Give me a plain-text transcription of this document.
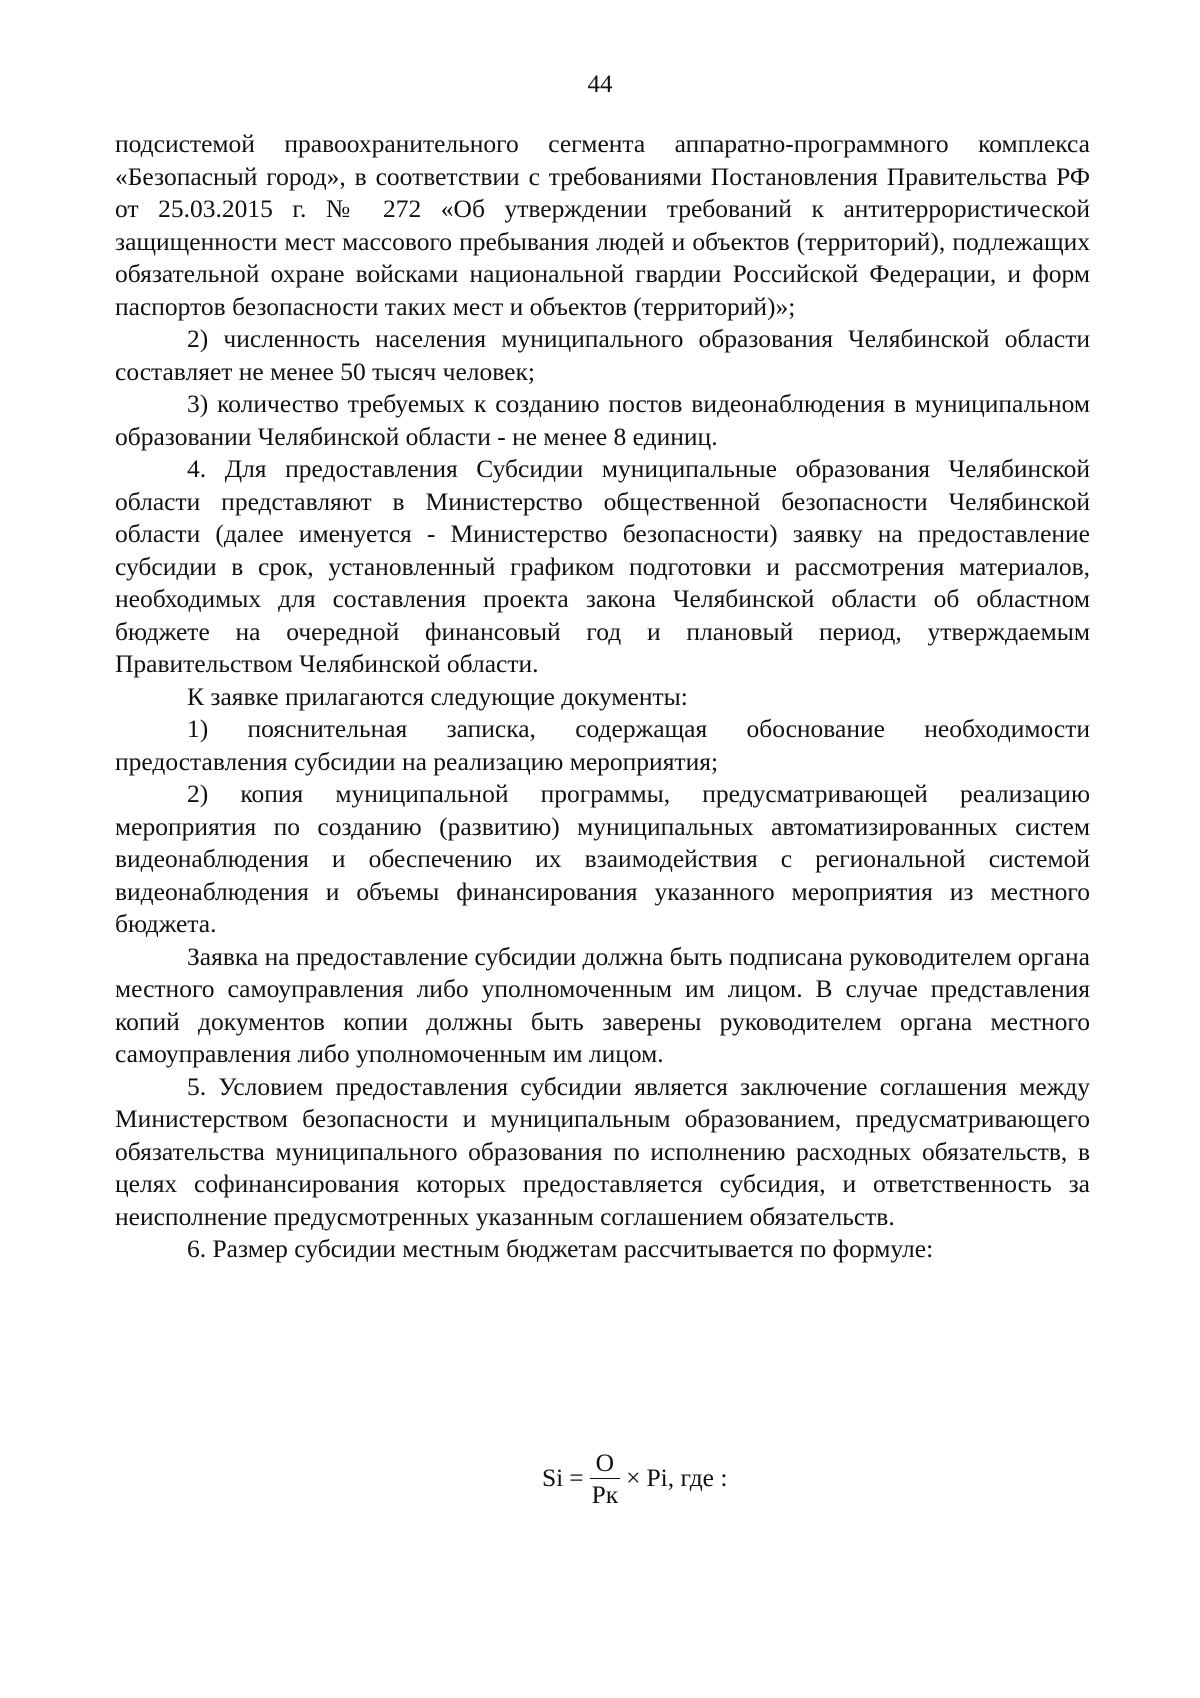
44

подсистемой правоохранительного сегмента аппаратно-программного комплекса «Безопасный город», в соответствии с требованиями Постановления Правительства РФ от 25.03.2015 г. № 272 «Об утверждении требований к антитеррористической защищенности мест массового пребывания людей и объектов (территорий), подлежащих обязательной охране войсками национальной гвардии Российской Федерации, и форм паспортов безопасности таких мест и объектов (территорий)»;

2) численность населения муниципального образования Челябинской области составляет не менее 50 тысяч человек;

3) количество требуемых к созданию постов видеонаблюдения в муниципальном образовании Челябинской области - не менее 8 единиц.

4. Для предоставления Субсидии муниципальные образования Челябинской области представляют в Министерство общественной безопасности Челябинской области (далее именуется - Министерство безопасности) заявку на предоставление субсидии в срок, установленный графиком подготовки и рассмотрения материалов, необходимых для составления проекта закона Челябинской области об областном бюджете на очередной финансовый год и плановый период, утверждаемым Правительством Челябинской области.

К заявке прилагаются следующие документы:

1) пояснительная записка, содержащая обоснование необходимости предоставления субсидии на реализацию мероприятия;

2) копия муниципальной программы, предусматривающей реализацию мероприятия по созданию (развитию) муниципальных автоматизированных систем видеонаблюдения и обеспечению их взаимодействия с региональной системой видеонаблюдения и объемы финансирования указанного мероприятия из местного бюджета.

Заявка на предоставление субсидии должна быть подписана руководителем органа местного самоуправления либо уполномоченным им лицом. В случае представления копий документов копии должны быть заверены руководителем органа местного самоуправления либо уполномоченным им лицом.

5. Условием предоставления субсидии является заключение соглашения между Министерством безопасности и муниципальным образованием, предусматривающего обязательства муниципального образования по исполнению расходных обязательств, в целях софинансирования которых предоставляется субсидия, и ответственность за неисполнение предусмотренных указанным соглашением обязательств.

6. Размер субсидии местным бюджетам рассчитывается по формуле:

$Si = \frac{O}{Pк} \times Pi$, где :
